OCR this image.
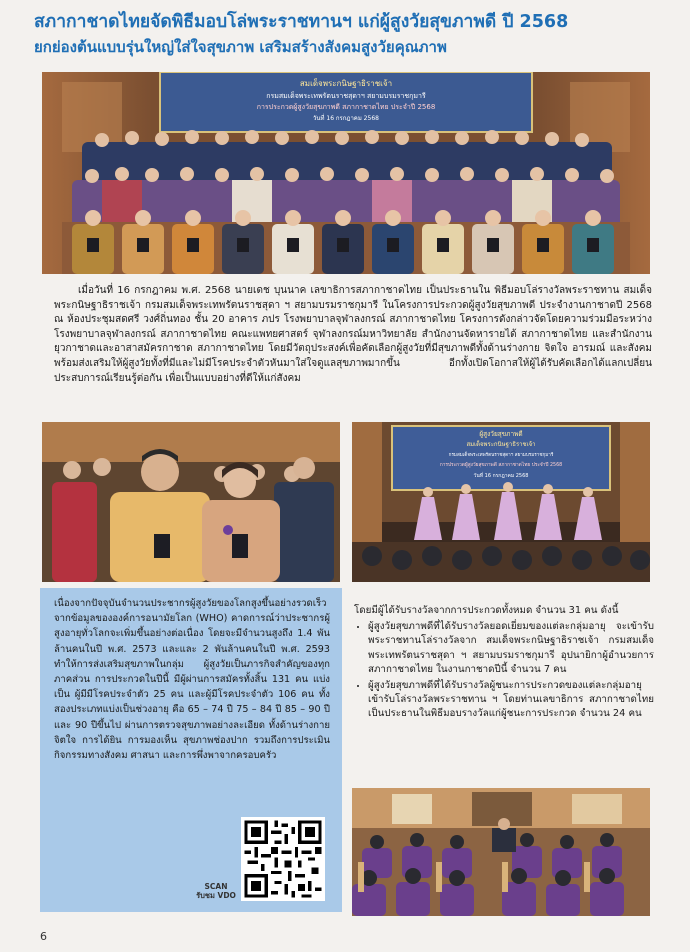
สภากาชาดไทยจัดพิธีมอบโล่พระราชทานฯ แก่ผู้สูงวัยสุขภาพดี ปี 2568
ยกย่องต้นแบบรุ่นใหญ่ใส่ใจสุขภาพ เสริมสร้างสังคมสูงวัยคุณภาพ
สมเด็จพระกนิษฐาธิราชเจ้า
กรมสมเด็จพระเทพรัตนราชสุดาฯ สยามบรมราชกุมารี
การประกวดผู้สูงวัยสุขภาพดี สภากาชาดไทย ประจำปี 2568
วันที่ 16 กรกฎาคม 2568
เมื่อวันที่ 16 กรกฎาคม พ.ศ. 2568 นายเดช บุนนาค เลขาธิการสภากาชาดไทย เป็นประธานใน พิธีมอบโล่รางวัลพระราชทาน สมเด็จพระกนิษฐาธิราชเจ้า กรมสมเด็จพระเทพรัตนราชสุดา ฯ สยามบรมราชกุมารี ในโครงการประกวดผู้สูงวัยสุขภาพดี ประจำงานกาชาดปี 2568 ณ ห้องประชุมสดศรี วงศ์ถิ่นทอง ชั้น 20 อาคาร ภปร โรงพยาบาลจุฬาลงกรณ์ สภากาชาดไทย โครงการดังกล่าวจัดโดยความร่วมมือระหว่าง โรงพยาบาลจุฬาลงกรณ์ สภากาชาดไทย คณะแพทยศาสตร์ จุฬาลงกรณ์มหาวิทยาลัย สำนักงานจัดหารายได้ สภากาชาดไทย และสำนักงานยุวกาชาดและอาสาสมัครกาชาด สภากาชาดไทย โดยมีวัตถุประสงค์เพื่อคัดเลือกผู้สูงวัยที่มีสุขภาพดีทั้งด้านร่างกาย จิตใจ อารมณ์ และสังคม พร้อมส่งเสริมให้ผู้สูงวัยทั้งที่มีและไม่มีโรคประจำตัวหันมาใส่ใจดูแลสุขภาพมากขึ้น อีกทั้งเปิดโอกาสให้ผู้ได้รับคัดเลือกได้แลกเปลี่ยนประสบการณ์เรียนรู้ต่อกัน เพื่อเป็นแบบอย่างที่ดีให้แก่สังคม
ผู้สูงวัยสุขภาพดี
สมเด็จพระกนิษฐาธิราชเจ้า
กรมสมเด็จพระเทพรัตนราชสุดาฯ สยามบรมราชกุมารี
การประกวดผู้สูงวัยสุขภาพดี สภากาชาดไทย ประจำปี 2568
วันที่ 16 กรกฎาคม 2568
เนื่องจากปัจจุบันจำนวนประชากรผู้สูงวัยของโลกสูงขึ้นอย่างรวดเร็ว จากข้อมูลขององค์การอนามัยโลก (WHO) คาดการณ์ว่าประชากรผู้สูงอายุทั่วโลกจะเพิ่มขึ้นอย่างต่อเนื่อง โดยจะมีจำนวนสูงถึง 1.4 พันล้านคนในปี พ.ศ. 2573 และและ 2 พันล้านคนในปี พ.ศ. 2593 ทำให้การส่งเสริมสุขภาพในกลุ่ม ผู้สูงวัยเป็นภารกิจสำคัญของทุกภาคส่วน การประกวดในปีนี้ มีผู้ผ่านการสมัครทั้งสิ้น 131 คน แบ่งเป็น ผู้มีมีโรคประจำตัว 25 คน และผู้มีโรคประจำตัว 106 คน ทั้งสองประเภทแบ่งเป็นช่วงอายุ คือ 65 – 74 ปี 75 – 84 ปี 85 – 90 ปี และ 90 ปีขึ้นไป ผ่านการตรวจสุขภาพอย่างละเอียด ทั้งด้านร่างกาย จิตใจ การได้ยิน การมองเห็น สุขภาพช่องปาก รวมถึงการประเมินกิจกรรมทางสังคม ศาสนา และการพึ่งพาจากครอบครัว
SCAN
รับชม VDO
โดยมีผู้ได้รับรางวัลจากการประกวดทั้งหมด จำนวน 31 คน ดังนี้
• ผู้สูงวัยสุขภาพดีที่ได้รับรางวัลยอดเยี่ยมของแต่ละกลุ่มอายุ จะเข้ารับพระราชทานโล่รางวัลจาก สมเด็จพระกนิษฐาธิราชเจ้า กรมสมเด็จพระเทพรัตนราชสุดา ฯ สยามบรมราชกุมารี อุปนายิกาผู้อำนวยการสภากาชาดไทย ในงานกาชาดปีนี้ จำนวน 7 คน
• ผู้สูงวัยสุขภาพดีที่ได้รับรางวัลผู้ชนะการประกวดของแต่ละกลุ่มอายุ เข้ารับโล่รางวัลพระราชทาน ฯ โดยท่านเลขาธิการ สภากาชาดไทย เป็นประธานในพิธีมอบรางวัลแก่ผู้ชนะการประกวด จำนวน 24 คน
6
